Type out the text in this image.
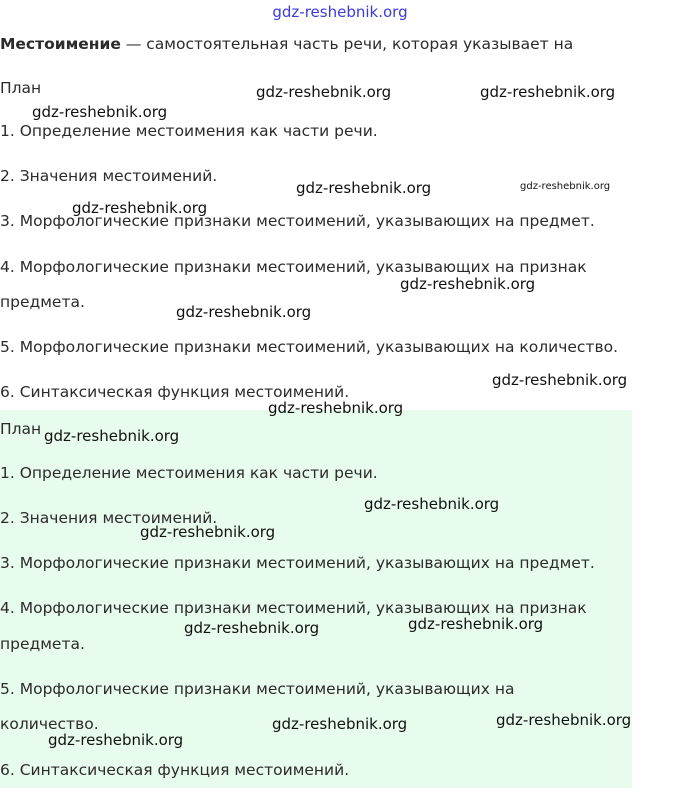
gdz-reshebnik.org
Местоимение — самостоятельная часть речи, которая указывает на
План
1. Определение местоимения как части речи.
2. Значения местоимений.
3. Морфологические признаки местоимений, указывающих на предмет.
4. Морфологические признаки местоимений, указывающих на признак
предмета.
5. Морфологические признаки местоимений, указывающих на количество.
6. Синтаксическая функция местоимений.
План
1. Определение местоимения как части речи.
2. Значения местоимений.
3. Морфологические признаки местоимений, указывающих на предмет.
4. Морфологические признаки местоимений, указывающих на признак
предмета.
5. Морфологические признаки местоимений, указывающих на
количество.
6. Синтаксическая функция местоимений.
gdz-reshebnik.org
gdz-reshebnik.org	gdz-reshebnik.org
gdz-reshebnik.org	gdz-reshebnik.org
gdz-reshebnik.org
gdz-reshebnik.org
gdz-reshebnik.org
gdz-reshebnik.org
gdz-reshebnik.org
gdz-reshebnik.org
gdz-reshebnik.org
gdz-reshebnik.org
gdz-reshebnik.org	gdz-reshebnik.org
gdz-reshebnik.org	gdz-reshebnik.org
gdz-reshebnik.org
